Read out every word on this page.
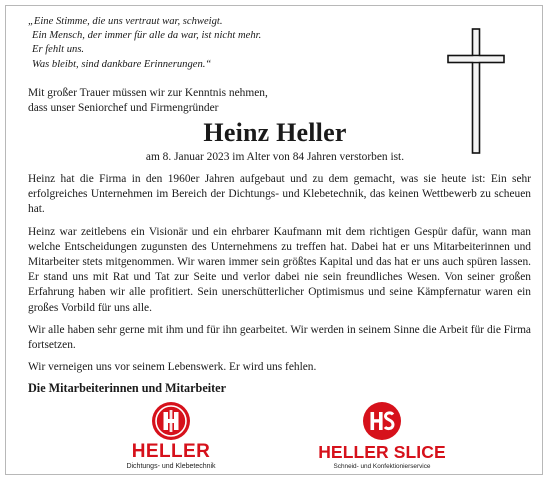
„Eine Stimme, die uns vertraut war, schweigt.
Ein Mensch, der immer für alle da war, ist nicht mehr.
Er fehlt uns.
Was bleibt, sind dankbare Erinnerungen.“
Mit großer Trauer müssen wir zur Kenntnis nehmen,
dass unser Seniorchef und Firmengründer
Heinz Heller
am 8. Januar 2023 im Alter von 84 Jahren verstorben ist.

Heinz hat die Firma in den 1960er Jahren aufgebaut und zu dem gemacht, was sie heute ist: Ein sehr erfolgreiches Unternehmen im Bereich der Dichtungs- und Klebetechnik, das keinen Wettbewerb zu scheuen hat.

Heinz war zeitlebens ein Visionär und ein ehrbarer Kaufmann mit dem richtigen Gespür dafür, wann man welche Entscheidungen zugunsten des Unternehmens zu treffen hat. Dabei hat er uns Mitarbeiterinnen und Mitarbeiter stets mitgenommen. Wir waren immer sein größtes Kapital und das hat er uns auch spüren lassen. Er stand uns mit Rat und Tat zur Seite und verlor dabei nie sein freundliches Wesen. Von seiner großen Erfahrung haben wir alle profitiert. Sein unerschütterlicher Optimismus und seine Kämpfernatur waren ein großes Vorbild für uns alle.

Wir alle haben sehr gerne mit ihm und für ihn gearbeitet. Wir werden in seinem Sinne die Arbeit für die Firma fortsetzen.

Wir verneigen uns vor seinem Lebenswerk. Er wird uns fehlen.

Die Mitarbeiterinnen und Mitarbeiter
HELLER
Dichtungs- und Klebetechnik
HELLER SLICE
Schneid- und Konfektionierservice
